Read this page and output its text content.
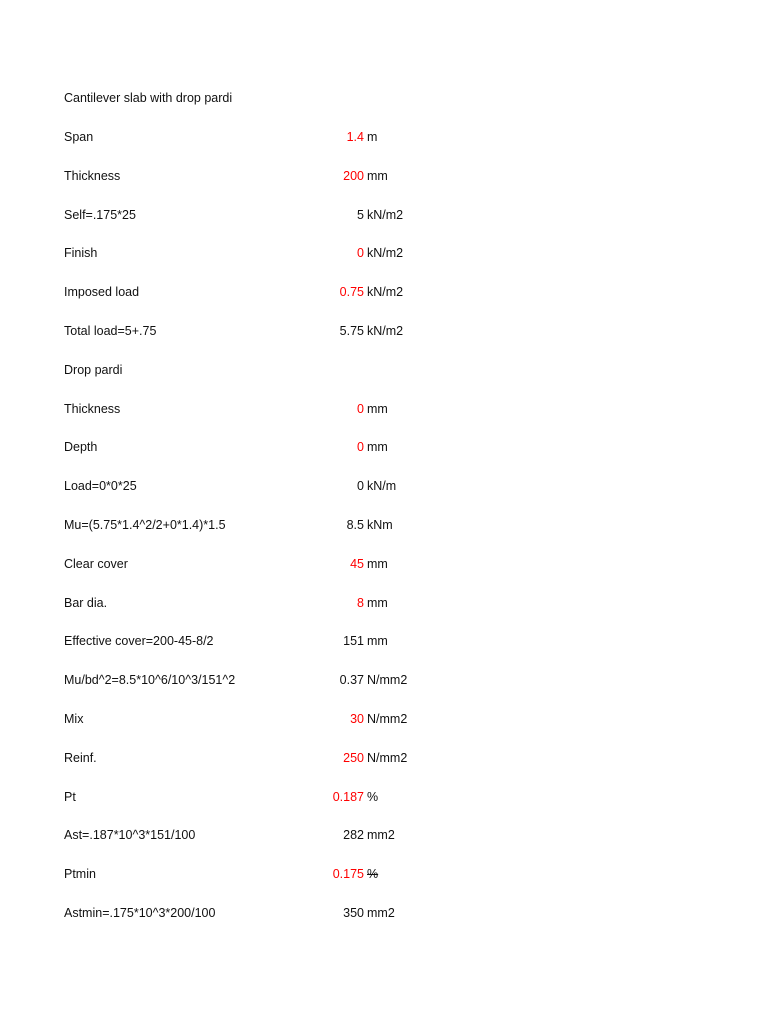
Cantilever slab with drop pardi
Span	1.4 m
Thickness	200 mm
Self=.175*25	5 kN/m2
Finish	0 kN/m2
Imposed load	0.75 kN/m2
Total load=5+.75	5.75 kN/m2
Drop pardi
Thickness	0 mm
Depth	0 mm
Load=0*0*25	0 kN/m
Mu=(5.75*1.4^2/2+0*1.4)*1.5	8.5 kNm
Clear cover	45 mm
Bar dia.	8 mm
Effective cover=200-45-8/2	151 mm
Mu/bd^2=8.5*10^6/10^3/151^2	0.37 N/mm2
Mix	30 N/mm2
Reinf.	250 N/mm2
Pt	0.187 %
Ast=.187*10^3*151/100	282 mm2
Ptmin	0.175 %
Astmin=.175*10^3*200/100	350 mm2
